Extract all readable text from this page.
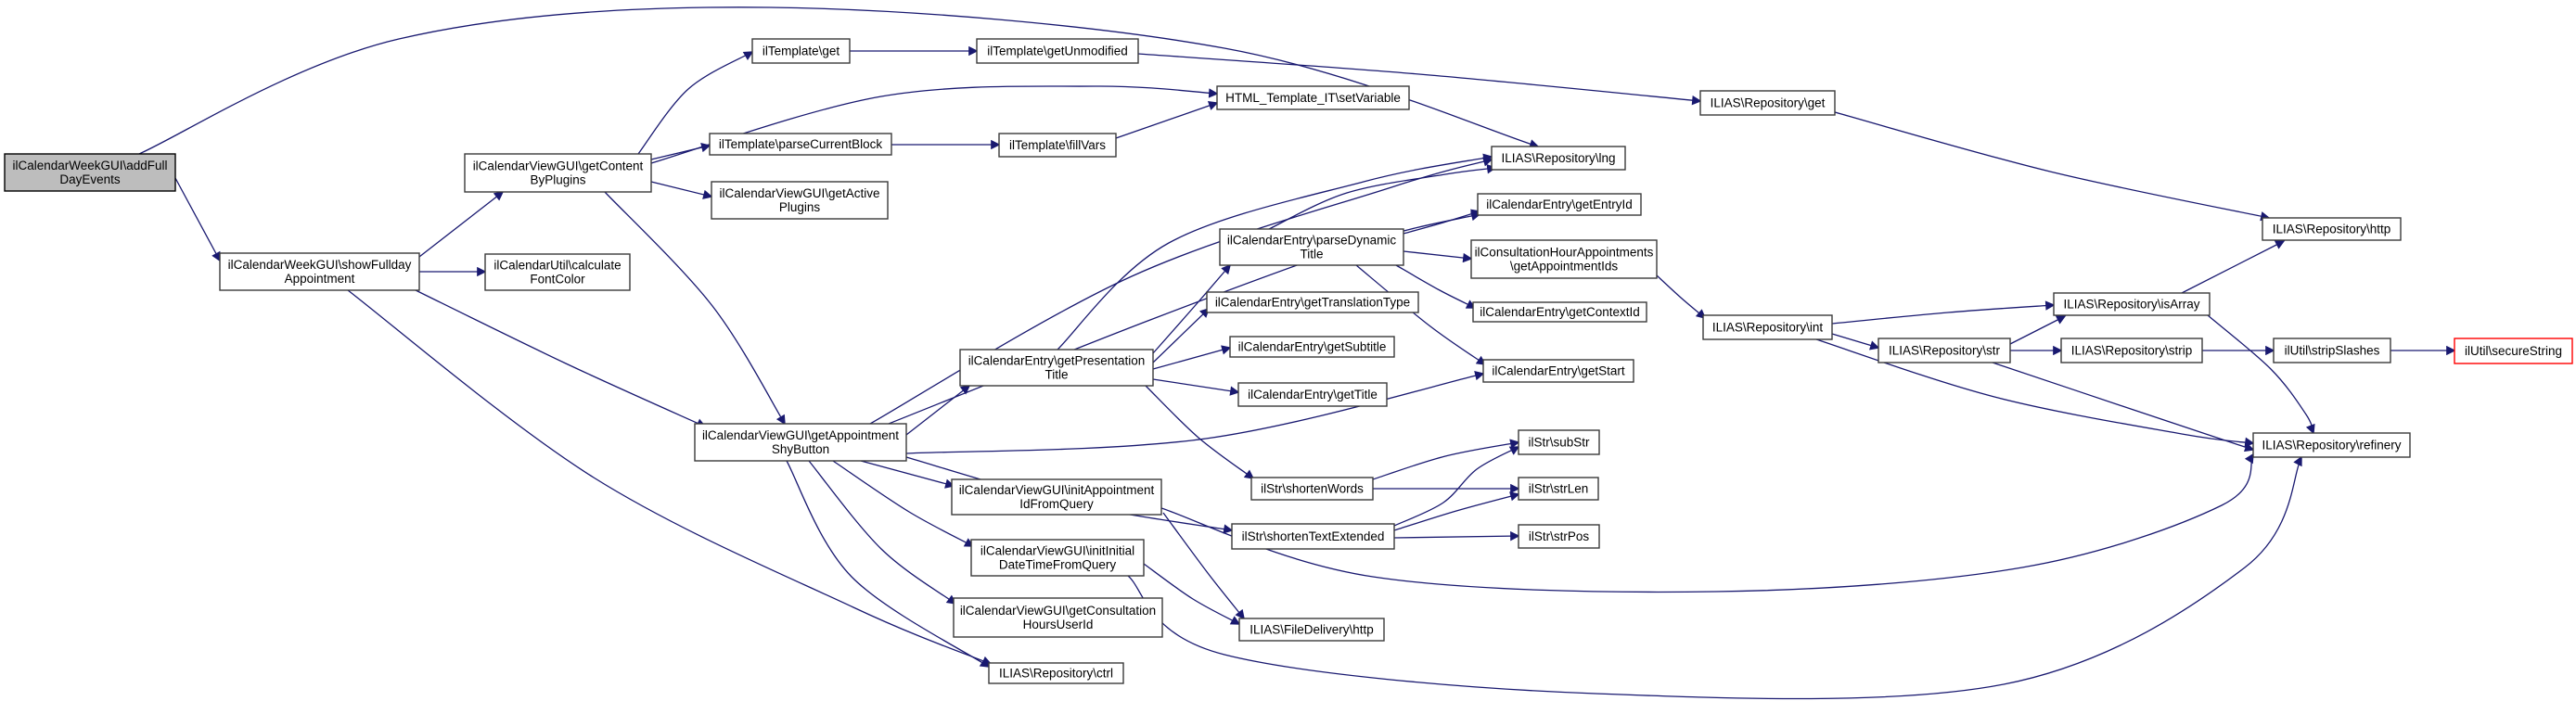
ilCalendarWeekGUI\addFull
DayEvents
ilCalendarWeekGUI\showFullday
Appointment
ilCalendarUtil\calculate
FontColor
ilCalendarViewGUI\getContent
ByPlugins
ilTemplate\get	ilTemplate\getUnmodified
ilTemplate\parseCurrentBlock	ilTemplate\fillVars
ilCalendarViewGUI\getActive
Plugins
HTML_Template_IT\setVariable	ILIAS\Repository\get
ILIAS\Repository\lng
ilCalendarEntry\getEntryId
ilCalendarEntry\parseDynamic
Title	ilConsultationHourAppointments
\getAppointmentIds
ilCalendarEntry\getContextId
ilCalendarEntry\getTranslationType
ilCalendarEntry\getSubtitle
ilCalendarEntry\getTitle
ilCalendarEntry\getStart
ilCalendarEntry\getPresentation
Title
ILIAS\Repository\int
ILIAS\Repository\str
ILIAS\Repository\isArray
ILIAS\Repository\strip	ilUtil\stripSlashes	ilUtil\secureString
ILIAS\Repository\http
ILIAS\Repository\refinery
ilCalendarViewGUI\getAppointment
ShyButton
ilCalendarViewGUI\initAppointment
IdFromQuery
ilCalendarViewGUI\initInitial
DateTimeFromQuery
ilCalendarViewGUI\getConsultation
HoursUserId
ILIAS\Repository\ctrl
ILIAS\FileDelivery\http
ilStr\shortenWords
ilStr\shortenTextExtended
ilStr\subStr
ilStr\strLen
ilStr\strPos
